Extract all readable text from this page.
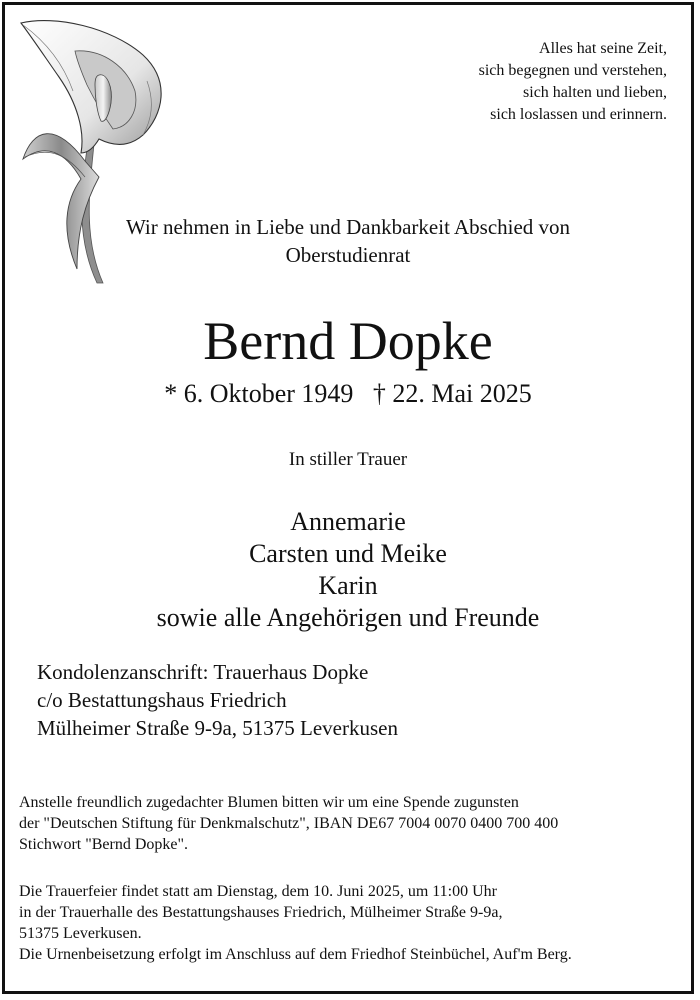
Alles hat seine Zeit,
sich begegnen und verstehen,
sich halten und lieben,
sich loslassen und erinnern.
Wir nehmen in Liebe und Dankbarkeit Abschied von
Oberstudienrat
Bernd Dopke
* 6. Oktober 1949   † 22. Mai 2025
In stiller Trauer
Annemarie
Carsten und Meike
Karin
sowie alle Angehörigen und Freunde
Kondolenzanschrift: Trauerhaus Dopke
c/o Bestattungshaus Friedrich
Mülheimer Straße 9-9a, 51375 Leverkusen
Anstelle freundlich zugedachter Blumen bitten wir um eine Spende zugunsten
der "Deutschen Stiftung für Denkmalschutz", IBAN DE67 7004 0070 0400 700 400
Stichwort "Bernd Dopke".
Die Trauerfeier findet statt am Dienstag, dem 10. Juni 2025, um 11:00 Uhr
in der Trauerhalle des Bestattungshauses Friedrich, Mülheimer Straße 9-9a,
51375 Leverkusen.
Die Urnenbeisetzung erfolgt im Anschluss auf dem Friedhof Steinbüchel, Auf'm Berg.
